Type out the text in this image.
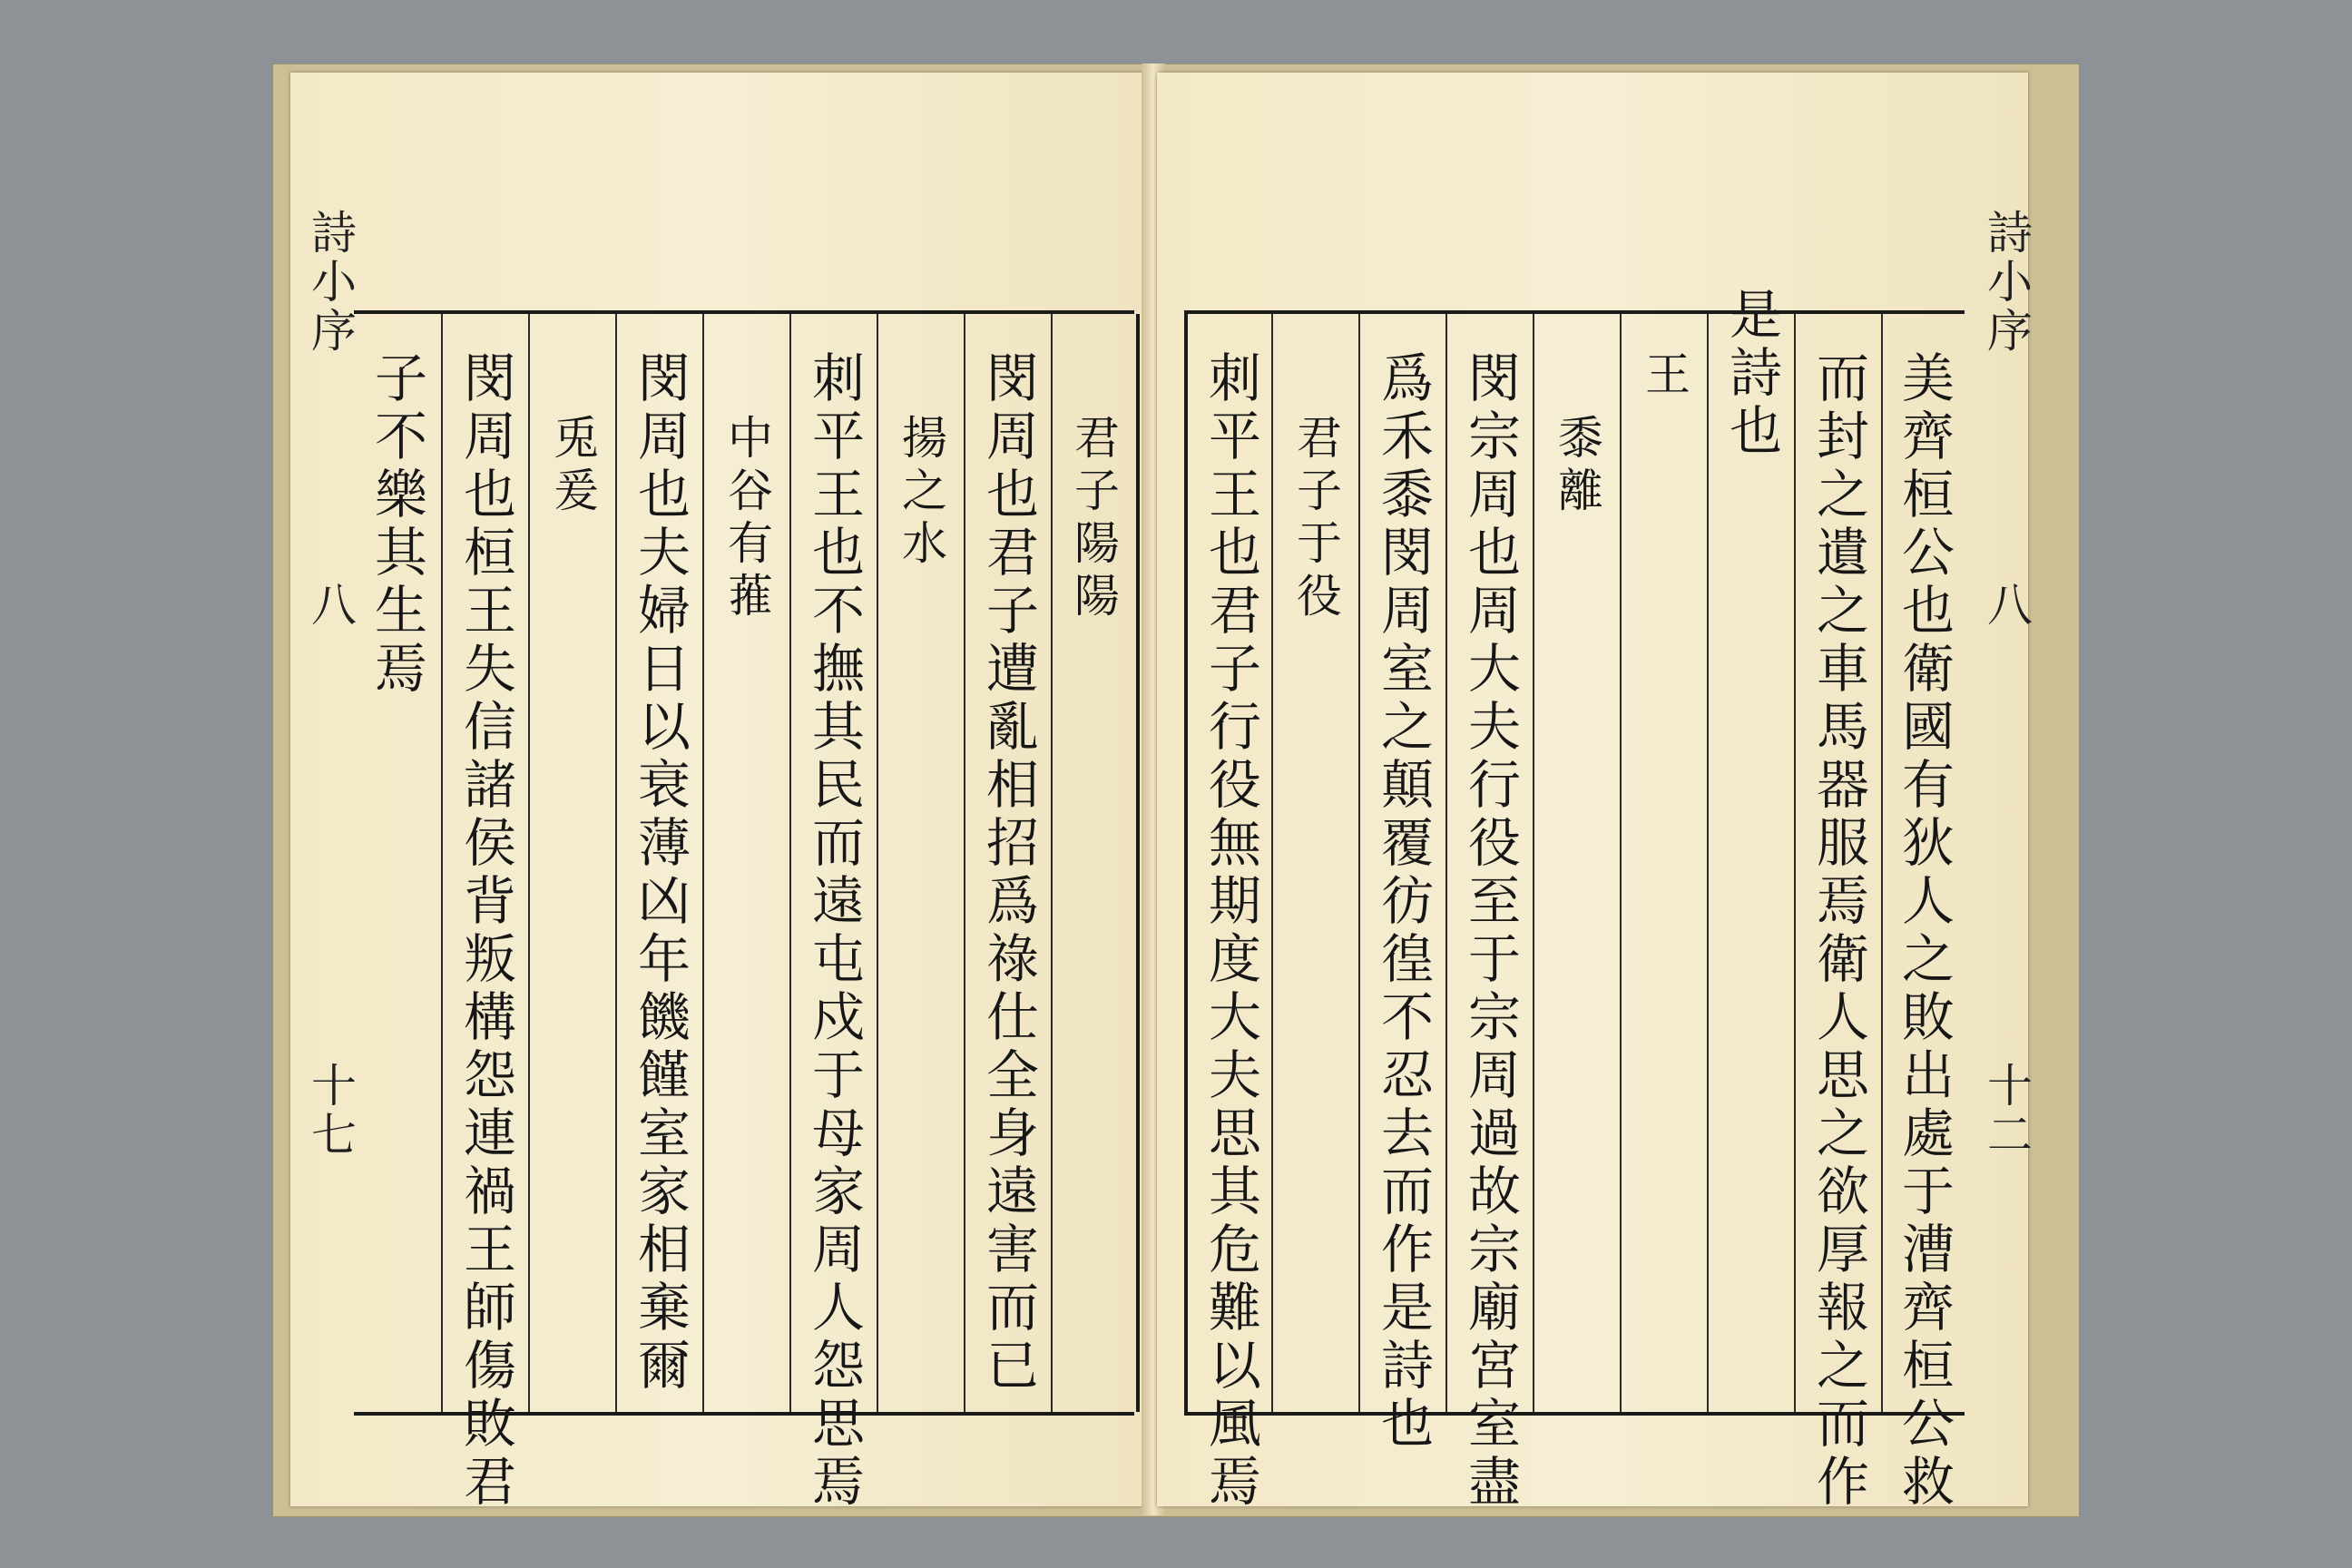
詩小序
八
十七
子不樂其生焉 閔周也桓王失信諸侯背叛構怨連禍王師傷敗君 兎爰 閔周也夫婦日以衰薄凶年饑饉室家相棄爾 中谷有蓷 刺平王也不撫其民而遠屯戍于母家周人怨思焉 揚之水 閔周也君子遭亂相招爲祿仕全身遠害而已 君子陽陽 刺平王也君子行役無期度大夫思其危難以風焉 君子于役 爲禾黍閔周室之顛覆彷徨不忍去而作是詩也 閔宗周也周大夫行役至于宗周過故宗廟宮室盡 黍離
王 是詩也 而封之遺之車馬器服焉衛人思之欲厚報之而作 美齊桓公也衛國有狄人之敗出處于漕齊桓公救
詩小序
八
十二
